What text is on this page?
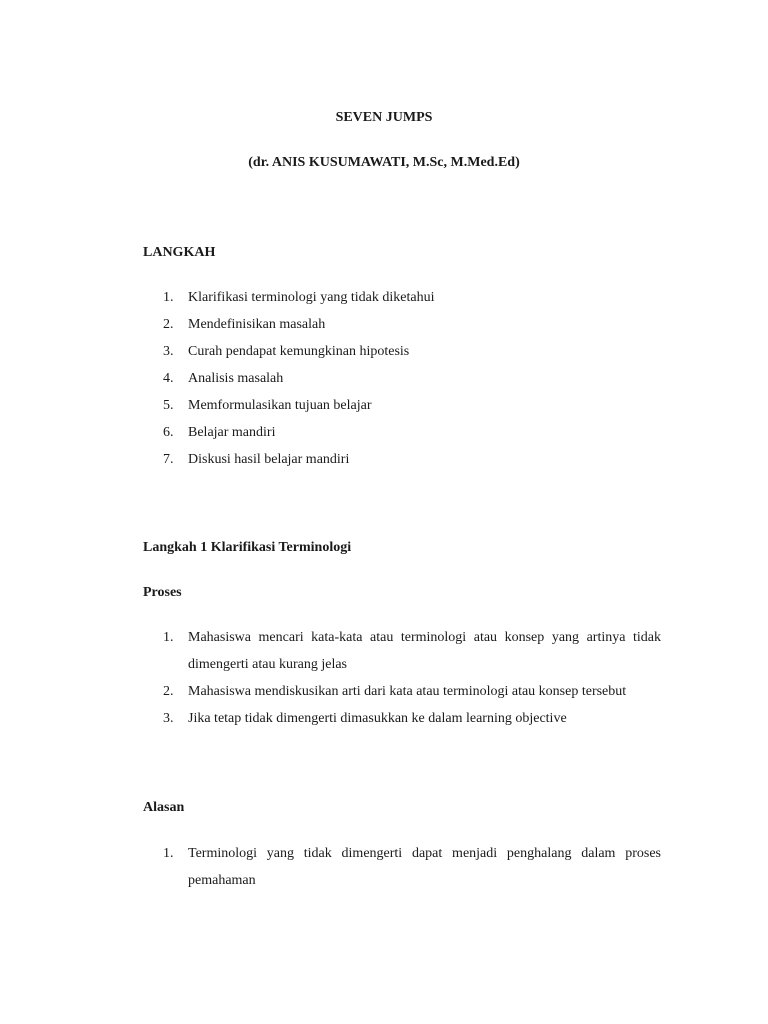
SEVEN JUMPS
(dr. ANIS KUSUMAWATI, M.Sc, M.Med.Ed)
LANGKAH
1. Klarifikasi terminologi yang tidak diketahui
2. Mendefinisikan masalah
3. Curah pendapat kemungkinan hipotesis
4. Analisis masalah
5. Memformulasikan tujuan belajar
6. Belajar mandiri
7. Diskusi hasil belajar mandiri
Langkah 1 Klarifikasi Terminologi
Proses
1. Mahasiswa mencari kata-kata atau terminologi atau konsep yang artinya tidak dimengerti atau kurang jelas
2. Mahasiswa mendiskusikan arti dari kata atau terminologi atau konsep tersebut
3. Jika tetap tidak dimengerti dimasukkan ke dalam learning objective
Alasan
1. Terminologi yang tidak dimengerti dapat menjadi penghalang dalam proses pemahaman
